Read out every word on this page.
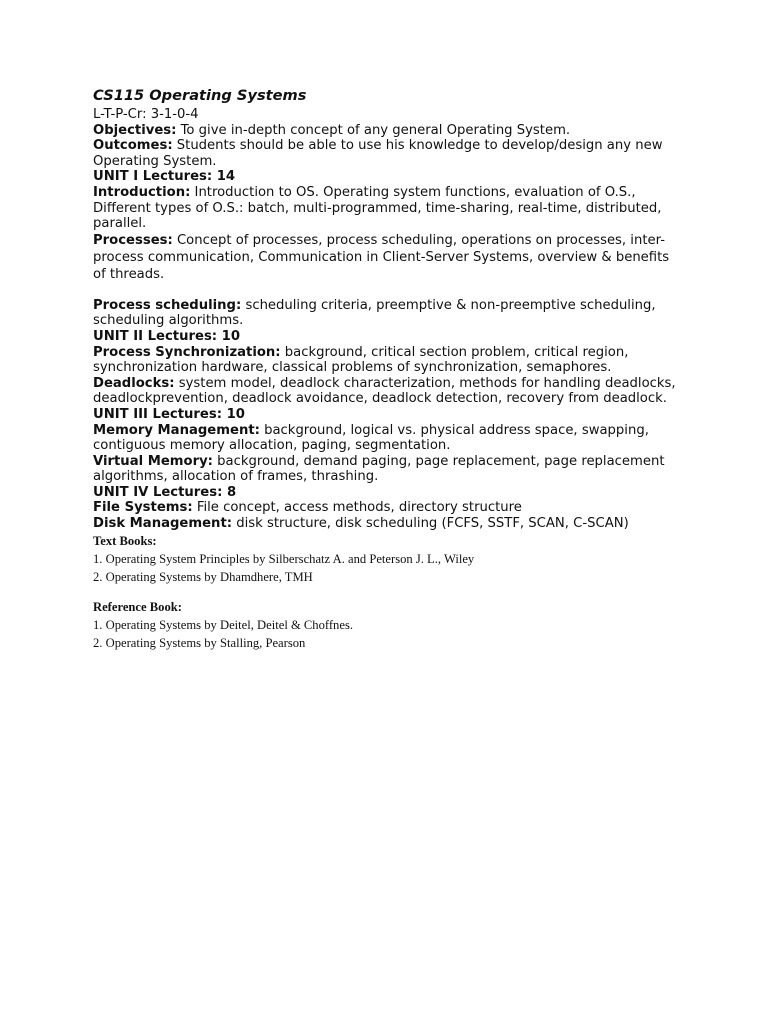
CS115 Operating Systems
L-T-P-Cr: 3-1-0-4
Objectives: To give in-depth concept of any general Operating System.
Outcomes: Students should be able to use his knowledge to develop/design any new Operating System.
UNIT I Lectures: 14
Introduction: Introduction to OS. Operating system functions, evaluation of O.S., Different types of O.S.: batch, multi-programmed, time-sharing, real-time, distributed, parallel.
Processes: Concept of processes, process scheduling, operations on processes, inter-process communication, Communication in Client-Server Systems, overview & benefits of threads.
Process scheduling: scheduling criteria, preemptive & non-preemptive scheduling, scheduling algorithms.
UNIT II Lectures: 10
Process Synchronization: background, critical section problem, critical region, synchronization hardware, classical problems of synchronization, semaphores.
Deadlocks: system model, deadlock characterization, methods for handling deadlocks, deadlockprevention, deadlock avoidance, deadlock detection, recovery from deadlock.
UNIT III Lectures: 10
Memory Management: background, logical vs. physical address space, swapping, contiguous memory allocation, paging, segmentation.
Virtual Memory: background, demand paging, page replacement, page replacement algorithms, allocation of frames, thrashing.
UNIT IV Lectures: 8
File Systems: File concept, access methods, directory structure
Disk Management: disk structure, disk scheduling (FCFS, SSTF, SCAN, C-SCAN)
Text Books:
1. Operating System Principles by Silberschatz A. and Peterson J. L., Wiley
2. Operating Systems by Dhamdhere, TMH
Reference Book:
1. Operating Systems by Deitel, Deitel & Choffnes.
2. Operating Systems by Stalling, Pearson
